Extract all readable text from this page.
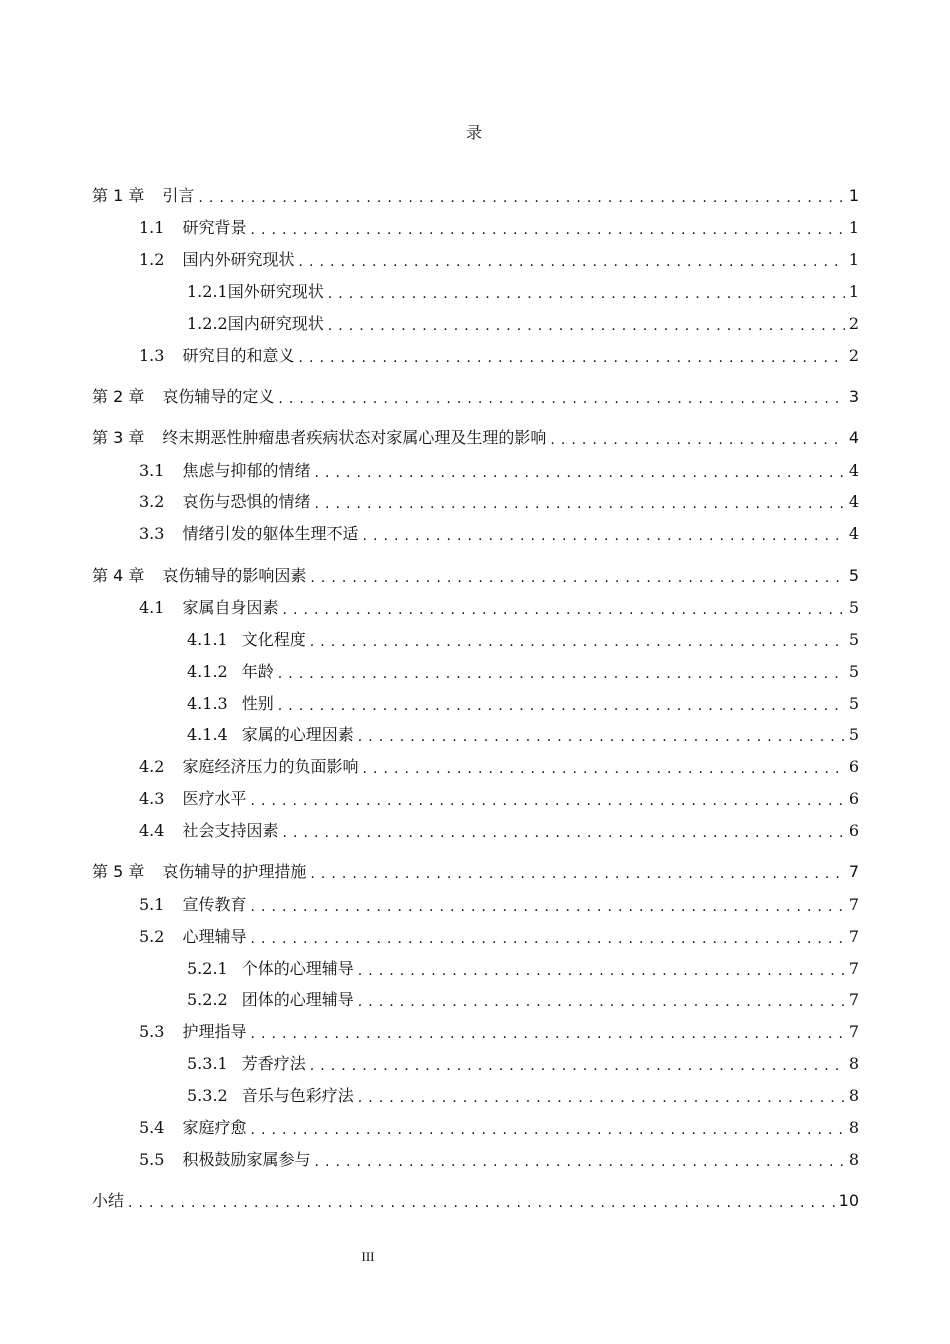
录
第 1 章 引言 . . .	1
1.1 研究背景 . . .	1
1.2 国内外研究现状 . . .	1
1.2.1 国外研究现状 . . .	1
1.2.2 国内研究现状 . . .	2
1.3 研究目的和意义 . . .	2
第 2 章 哀伤辅导的定义 . . .	3
第 3 章 终末期恶性肿瘤患者疾病状态对家属心理及生理的影响 . . .	4
3.1 焦虑与抑郁的情绪 . . .	4
3.2 哀伤与恐惧的情绪 . . .	4
3.3 情绪引发的躯体生理不适 . . .	4
第 4 章 哀伤辅导的影响因素 . . .	5
4.1 家属自身因素 . . .	5
4.1.1 文化程度 . . .	5
4.1.2 年龄 . . .	5
4.1.3 性别 . . .	5
4.1.4 家属的心理因素 . . .	5
4.2 家庭经济压力的负面影响 . . .	6
4.3 医疗水平 . . .	6
4.4 社会支持因素 . . .	6
第 5 章 哀伤辅导的护理措施 . . .	7
5.1 宣传教育 . . .	7
5.2 心理辅导 . . .	7
5.2.1 个体的心理辅导 . . .	7
5.2.2 团体的心理辅导 . . .	7
5.3 护理指导 . . .	7
5.3.1 芳香疗法 . . .	8
5.3.2 音乐与色彩疗法 . . .	8
5.4 家庭疗愈 . . .	8
5.5 积极鼓励家属参与 . . .	8
小结 . . .	10
III
